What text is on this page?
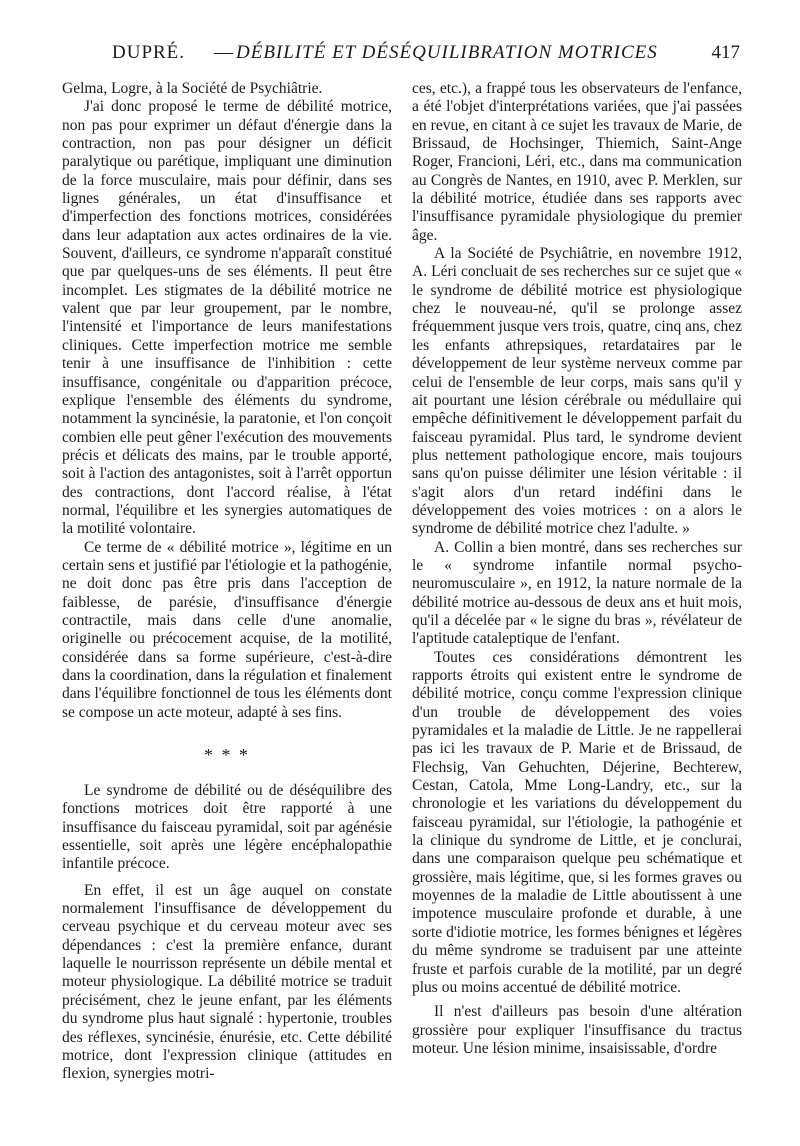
DUPRÉ. — DÉBILITÉ ET DÉSÉQUILIBRATION MOTRICES	417

Gelma, Logre, à la Société de Psychiâtrie.

J'ai donc proposé le terme de débilité motrice, non pas pour exprimer un défaut d'énergie dans la contraction, non pas pour désigner un déficit paralytique ou parétique, impliquant une diminution de la force musculaire, mais pour définir, dans ses lignes générales, un état d'insuffisance et d'imperfection des fonctions motrices, considérées dans leur adaptation aux actes ordinaires de la vie. Souvent, d'ailleurs, ce syndrome n'apparaît constitué que par quelques-uns de ses éléments. Il peut être incomplet. Les stigmates de la débilité motrice ne valent que par leur groupement, par le nombre, l'intensité et l'importance de leurs manifestations cliniques. Cette imperfection motrice me semble tenir à une insuffisance de l'inhibition : cette insuffisance, congénitale ou d'apparition précoce, explique l'ensemble des éléments du syndrome, notamment la syncinésie, la paratonie, et l'on conçoit combien elle peut gêner l'exécution des mouvements précis et délicats des mains, par le trouble apporté, soit à l'action des antagonistes, soit à l'arrêt opportun des contractions, dont l'accord réalise, à l'état normal, l'équilibre et les synergies automatiques de la motilité volontaire.

Ce terme de « débilité motrice », légitime en un certain sens et justifié par l'étiologie et la pathogénie, ne doit donc pas être pris dans l'acception de faiblesse, de parésie, d'insuffisance d'énergie contractile, mais dans celle d'une anomalie, originelle ou précocement acquise, de la motilité, considérée dans sa forme supérieure, c'est-à-dire dans la coordination, dans la régulation et finalement dans l'équilibre fonctionnel de tous les éléments dont se compose un acte moteur, adapté à ses fins.

* * *

Le syndrome de débilité ou de déséquilibre des fonctions motrices doit être rapporté à une insuffisance du faisceau pyramidal, soit par agénésie essentielle, soit après une légère encéphalopathie infantile précoce.

En effet, il est un âge auquel on constate normalement l'insuffisance de développement du cerveau psychique et du cerveau moteur avec ses dépendances : c'est la première enfance, durant laquelle le nourrisson représente un débile mental et moteur physiologique. La débilité motrice se traduit précisément, chez le jeune enfant, par les éléments du syndrome plus haut signalé : hypertonie, troubles des réflexes, syncinésie, énurésie, etc. Cette débilité motrice, dont l'expression clinique (attitudes en flexion, synergies motri-

ces, etc.), a frappé tous les observateurs de l'enfance, a été l'objet d'interprétations variées, que j'ai passées en revue, en citant à ce sujet les travaux de Marie, de Brissaud, de Hochsinger, Thiemich, Saint-Ange Roger, Francioni, Léri, etc., dans ma communication au Congrès de Nantes, en 1910, avec P. Merklen, sur la débilité motrice, étudiée dans ses rapports avec l'insuffisance pyramidale physiologique du premier âge.

A la Société de Psychiâtrie, en novembre 1912, A. Léri concluait de ses recherches sur ce sujet que « le syndrome de débilité motrice est physiologique chez le nouveau-né, qu'il se prolonge assez fréquemment jusque vers trois, quatre, cinq ans, chez les enfants athrepsiques, retardataires par le développement de leur système nerveux comme par celui de l'ensemble de leur corps, mais sans qu'il y ait pourtant une lésion cérébrale ou médullaire qui empêche définitivement le développement parfait du faisceau pyramidal. Plus tard, le syndrome devient plus nettement pathologique encore, mais toujours sans qu'on puisse délimiter une lésion véritable : il s'agit alors d'un retard indéfini dans le développement des voies motrices : on a alors le syndrome de débilité motrice chez l'adulte. »

A. Collin a bien montré, dans ses recherches sur le « syndrome infantile normal psycho-neuromusculaire », en 1912, la nature normale de la débilité motrice au-dessous de deux ans et huit mois, qu'il a décelée par « le signe du bras », révélateur de l'aptitude cataleptique de l'enfant.

Toutes ces considérations démontrent les rapports étroits qui existent entre le syndrome de débilité motrice, conçu comme l'expression clinique d'un trouble de développement des voies pyramidales et la maladie de Little. Je ne rappellerai pas ici les travaux de P. Marie et de Brissaud, de Flechsig, Van Gehuchten, Déjerine, Bechterew, Cestan, Catola, Mme Long-Landry, etc., sur la chronologie et les variations du développement du faisceau pyramidal, sur l'étiologie, la pathogénie et la clinique du syndrome de Little, et je conclurai, dans une comparaison quelque peu schématique et grossière, mais légitime, que, si les formes graves ou moyennes de la maladie de Little aboutissent à une impotence musculaire profonde et durable, à une sorte d'idiotie motrice, les formes bénignes et légères du même syndrome se traduisent par une atteinte fruste et parfois curable de la motilité, par un degré plus ou moins accentué de débilité motrice.

Il n'est d'ailleurs pas besoin d'une altération grossière pour expliquer l'insuffisance du tractus moteur. Une lésion minime, insaisissable, d'ordre
